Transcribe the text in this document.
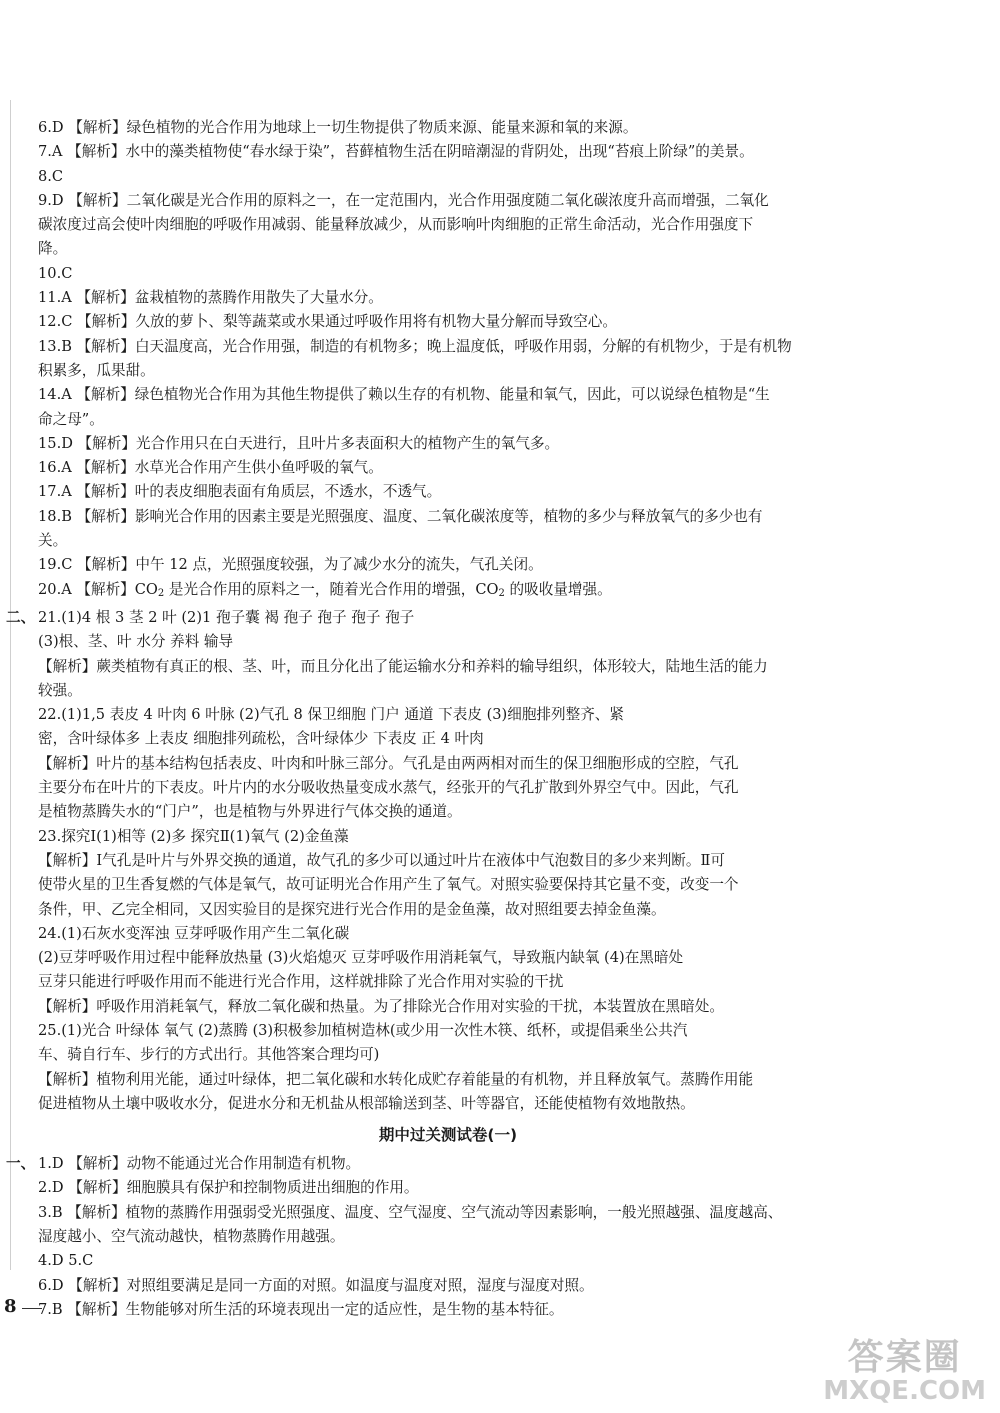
6.D 【解析】绿色植物的光合作用为地球上一切生物提供了物质来源、能量来源和氧的来源。
7.A 【解析】水中的藻类植物使“春水绿于染”，苔藓植物生活在阴暗潮湿的背阴处，出现“苔痕上阶绿”的美景。
8.C
9.D 【解析】二氧化碳是光合作用的原料之一，在一定范围内，光合作用强度随二氧化碳浓度升高而增强，二氧化
碳浓度过高会使叶肉细胞的呼吸作用减弱、能量释放减少，从而影响叶肉细胞的正常生命活动，光合作用强度下
降。
10.C
11.A 【解析】盆栽植物的蒸腾作用散失了大量水分。
12.C 【解析】久放的萝卜、梨等蔬菜或水果通过呼吸作用将有机物大量分解而导致空心。
13.B 【解析】白天温度高，光合作用强，制造的有机物多；晚上温度低，呼吸作用弱，分解的有机物少，于是有机物
积累多，瓜果甜。
14.A 【解析】绿色植物光合作用为其他生物提供了赖以生存的有机物、能量和氧气，因此，可以说绿色植物是“生
命之母”。
15.D 【解析】光合作用只在白天进行，且叶片多表面积大的植物产生的氧气多。
16.A 【解析】水草光合作用产生供小鱼呼吸的氧气。
17.A 【解析】叶的表皮细胞表面有角质层，不透水，不透气。
18.B 【解析】影响光合作用的因素主要是光照强度、温度、二氧化碳浓度等，植物的多少与释放氧气的多少也有
关。
19.C 【解析】中午 12 点，光照强度较强，为了减少水分的流失，气孔关闭。
20.A 【解析】$CO_2$ 是光合作用的原料之一，随着光合作用的增强，$CO_2$ 的吸收量增强。
二、 21.(1)4 根 3 茎 2 叶 (2)1 孢子囊 褐 孢子 孢子 孢子 孢子
(3)根、茎、叶 水分 养料 输导
【解析】蕨类植物有真正的根、茎、叶，而且分化出了能运输水分和养料的输导组织，体形较大，陆地生活的能力
较强。
22.(1)1,5 表皮 4 叶肉 6 叶脉 (2)气孔 8 保卫细胞 门户 通道 下表皮 (3)细胞排列整齐、紧
密，含叶绿体多 上表皮 细胞排列疏松，含叶绿体少 下表皮 正 4 叶肉
【解析】叶片的基本结构包括表皮、叶肉和叶脉三部分。气孔是由两两相对而生的保卫细胞形成的空腔，气孔
主要分布在叶片的下表皮。叶片内的水分吸收热量变成水蒸气，经张开的气孔扩散到外界空气中。因此，气孔
是植物蒸腾失水的“门户”，也是植物与外界进行气体交换的通道。
23.探究Ⅰ(1)相等 (2)多 探究Ⅱ(1)氧气 (2)金鱼藻
【解析】Ⅰ气孔是叶片与外界交换的通道，故气孔的多少可以通过叶片在液体中气泡数目的多少来判断。Ⅱ可
使带火星的卫生香复燃的气体是氧气，故可证明光合作用产生了氧气。对照实验要保持其它量不变，改变一个
条件，甲、乙完全相同，又因实验目的是探究进行光合作用的是金鱼藻，故对照组要去掉金鱼藻。
24.(1)石灰水变浑浊 豆芽呼吸作用产生二氧化碳
(2)豆芽呼吸作用过程中能释放热量 (3)火焰熄灭 豆芽呼吸作用消耗氧气，导致瓶内缺氧 (4)在黑暗处
豆芽只能进行呼吸作用而不能进行光合作用，这样就排除了光合作用对实验的干扰
【解析】呼吸作用消耗氧气，释放二氧化碳和热量。为了排除光合作用对实验的干扰，本装置放在黑暗处。
25.(1)光合 叶绿体 氧气 (2)蒸腾 (3)积极参加植树造林(或少用一次性木筷、纸杯，或提倡乘坐公共汽
车、骑自行车、步行的方式出行。其他答案合理均可)
【解析】植物利用光能，通过叶绿体，把二氧化碳和水转化成贮存着能量的有机物，并且释放氧气。蒸腾作用能
促进植物从土壤中吸收水分，促进水分和无机盐从根部输送到茎、叶等器官，还能使植物有效地散热。
期中过关测试卷(一)
一、 1.D 【解析】动物不能通过光合作用制造有机物。
2.D 【解析】细胞膜具有保护和控制物质进出细胞的作用。
3.B 【解析】植物的蒸腾作用强弱受光照强度、温度、空气湿度、空气流动等因素影响，一般光照越强、温度越高、
湿度越小、空气流动越快，植物蒸腾作用越强。
4.D 5.C
6.D 【解析】对照组要满足是同一方面的对照。如温度与温度对照，湿度与湿度对照。
7.B 【解析】生物能够对所生活的环境表现出一定的适应性，是生物的基本特征。
8
答案圈
MXQE.COM
